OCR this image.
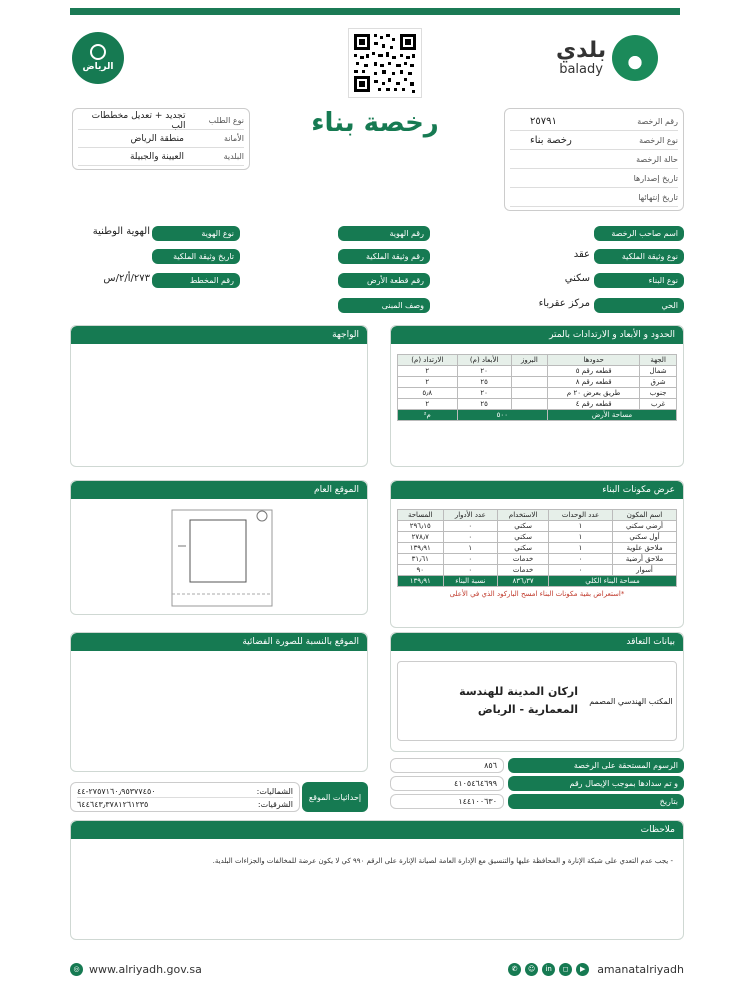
الرياض
بلدي
balady
رخصة بناء	رقم الرخصة
٢٥٧٩١
نوع الرخصة
رخصة بناء
حالة الرخصة
تاريخ إصدارها
تاريخ إنتهائها
نوع الطلب
تجديد + تعديل مخططات الب
الأمانة
منطقة الرياض
البلدية
العيينة والجبيلة
اسم صاحب الرخصة
رقم الهوية
نوع الهوية
الهوية الوطنية
نوع وثيقة الملكية
عقد
رقم وثيقة الملكية
تاريخ وثيقة الملكية
نوع البناء
سكني
رقم قطعة الأرض
رقم المخطط
٢٧٣/أ/٢/س
الحي
مركز عقرباء
وصف المبنى
الحدود و الأبعاد و الارتدادات بالمتر
الجهة	حدودها	البروز	الأبعاد (م)	الارتداد (م)
شمال	قطعه رقم ٥		٢٠	٢
شرق	قطعه رقم ٨		٢٥	٢
جنوب	طريق بعرض ٢٠ م		٢٠	٥٫٨
غرب	قطعه رقم ٤		٢٥	٢
مساحة الأرض		٥٠٠		م²
الواجهة
الموقع العام	عرض مكونات البناء
اسم المكون	عدد الوحدات	الاستخدام	عدد الأدوار	المساحة
أرضي سكني	١	سكني	٠	٢٩٦٫١٥
أول سكني	١	سكني	٠	٢٧٨٫٧
ملاحق علوية	١	سكني	١	١٣٩٫٩١
ملاحق أرضية	٠	خدمات	٠	٣١٫٦١
أسوار	٠	خدمات	٠	٩٠
مساحة البناء الكلي		٨٣٦٫٣٧	نسبة البناء	١٣٩٫٩١
*استعراض بقية مكونات البناء امسح الباركود الذي في الأعلى
الموقع بالنسبة للصورة الفضائية	بيانات التعاقد
المكتب الهندسي المصمم
اركان المدينة للهندسة المعمارية - الرياض
الرسوم المستحقة على الرخصة
٨٥٦
و تم سدادها بموجب الإيصال رقم
٤١٠٥٤٦٤٦٩٩
بتاريخ
١٤٤١٠٠٦٣٠
إحداثيات الموقع
الشماليات:
٢٧٥٧١٦٠٫٩٥٣٧٧٤٥٠-٤٤
الشرقيات:
٦٤٤٦٤٣٫٣٧٨١٢٦١٢٣٥
ملاحظات
- يجب عدم التعدي على شبكة الإنارة و المحافظة عليها والتنسيق مع الإدارة العامة لصيانة الإنارة على الرقم ٩٩٠ كي لا يكون عرضة للمخالفات والجزاءات البلدية.
◎ www.alriyadh.gov.sa	✆	☺	in	◻	▶	amanatalriyadh
